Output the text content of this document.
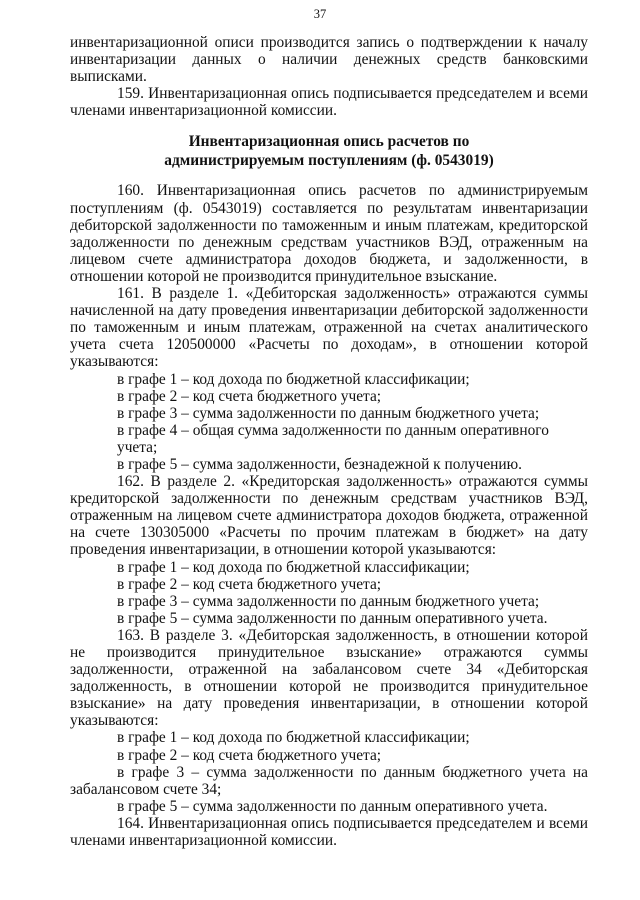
37

инвентаризационной описи производится запись о подтверждении к началу инвентаризации данных о наличии денежных средств банковскими выписками.

159. Инвентаризационная опись подписывается председателем и всеми членами инвентаризационной комиссии.

Инвентаризационная опись расчетов по
администрируемым поступлениям (ф. 0543019)

160. Инвентаризационная опись расчетов по администрируемым поступлениям (ф. 0543019) составляется по результатам инвентаризации дебиторской задолженности по таможенным и иным платежам, кредиторской задолженности по денежным средствам участников ВЭД, отраженным на лицевом счете администратора доходов бюджета, и задолженности, в отношении которой не производится принудительное взыскание.

161. В разделе 1. «Дебиторская задолженность» отражаются суммы начисленной на дату проведения инвентаризации дебиторской задолженности по таможенным и иным платежам, отраженной на счетах аналитического учета счета 120500000 «Расчеты по доходам», в отношении которой указываются:

в графе 1 – код дохода по бюджетной классификации;

в графе 2 – код счета бюджетного учета;

в графе 3 – сумма задолженности по данным бюджетного учета;

в графе 4 – общая сумма задолженности по данным оперативного учета;

в графе 5 – сумма задолженности, безнадежной к получению.

162. В разделе 2. «Кредиторская задолженность» отражаются суммы кредиторской задолженности по денежным средствам участников ВЭД, отраженным на лицевом счете администратора доходов бюджета, отраженной на счете 130305000 «Расчеты по прочим платежам в бюджет» на дату проведения инвентаризации, в отношении которой указываются:

в графе 1 – код дохода по бюджетной классификации;

в графе 2 – код счета бюджетного учета;

в графе 3 – сумма задолженности по данным бюджетного учета;

в графе 5 – сумма задолженности по данным оперативного учета.

163. В разделе 3. «Дебиторская задолженность, в отношении которой не производится принудительное взыскание» отражаются суммы задолженности, отраженной на забалансовом счете 34 «Дебиторская задолженность, в отношении которой не производится принудительное взыскание» на дату проведения инвентаризации, в отношении которой указываются:

в графе 1 – код дохода по бюджетной классификации;

в графе 2 – код счета бюджетного учета;

в графе 3 – сумма задолженности по данным бюджетного учета на забалансовом счете 34;

в графе 5 – сумма задолженности по данным оперативного учета.

164. Инвентаризационная опись подписывается председателем и всеми членами инвентаризационной комиссии.
